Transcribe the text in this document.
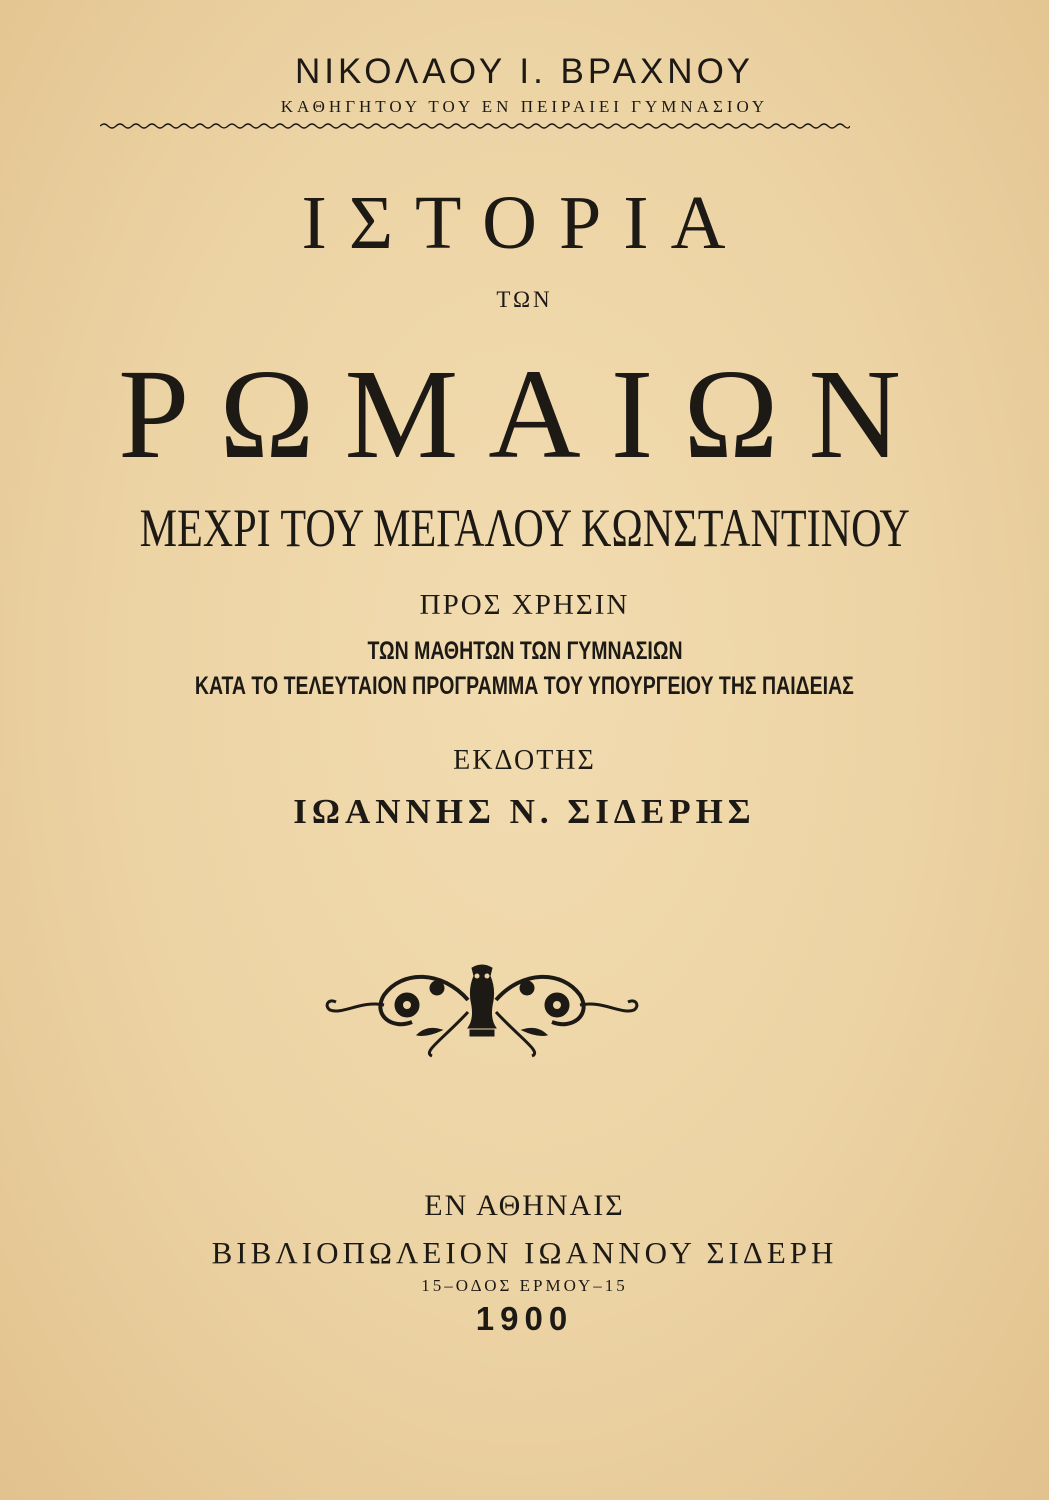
ΝΙΚΟΛΑΟΥ Ι. ΒΡΑΧΝΟΥ
ΚΑΘΗΓΗΤΟΥ ΤΟΥ ΕΝ ΠΕΙΡΑΙΕΙ ΓΥΜΝΑΣΙΟΥ
ΙΣΤΟΡΙΑ
ΤΩΝ
ΡΩΜΑΙΩΝ
ΜΕΧΡΙ ΤΟΥ ΜΕΓΑΛΟΥ ΚΩΝΣΤΑΝΤΙΝΟΥ
ΠΡΟΣ ΧΡΗΣΙΝ
ΤΩΝ ΜΑΘΗΤΩΝ ΤΩΝ ΓΥΜΝΑΣΙΩΝ
ΚΑΤΑ ΤΟ ΤΕΛΕΥΤΑΙΟΝ ΠΡΟΓΡΑΜΜΑ ΤΟΥ ΥΠΟΥΡΓΕΙΟΥ ΤΗΣ ΠΑΙΔΕΙΑΣ
ΕΚΔΟΤΗΣ
ΙΩΑΝΝΗΣ Ν. ΣΙΔΕΡΗΣ
ΕΝ ΑΘΗΝΑΙΣ
ΒΙΒΛΙΟΠΩΛΕΙΟΝ ΙΩΑΝΝΟΥ ΣΙΔΕΡΗ
15–ΟΔΟΣ ΕΡΜΟΥ–15
1900
